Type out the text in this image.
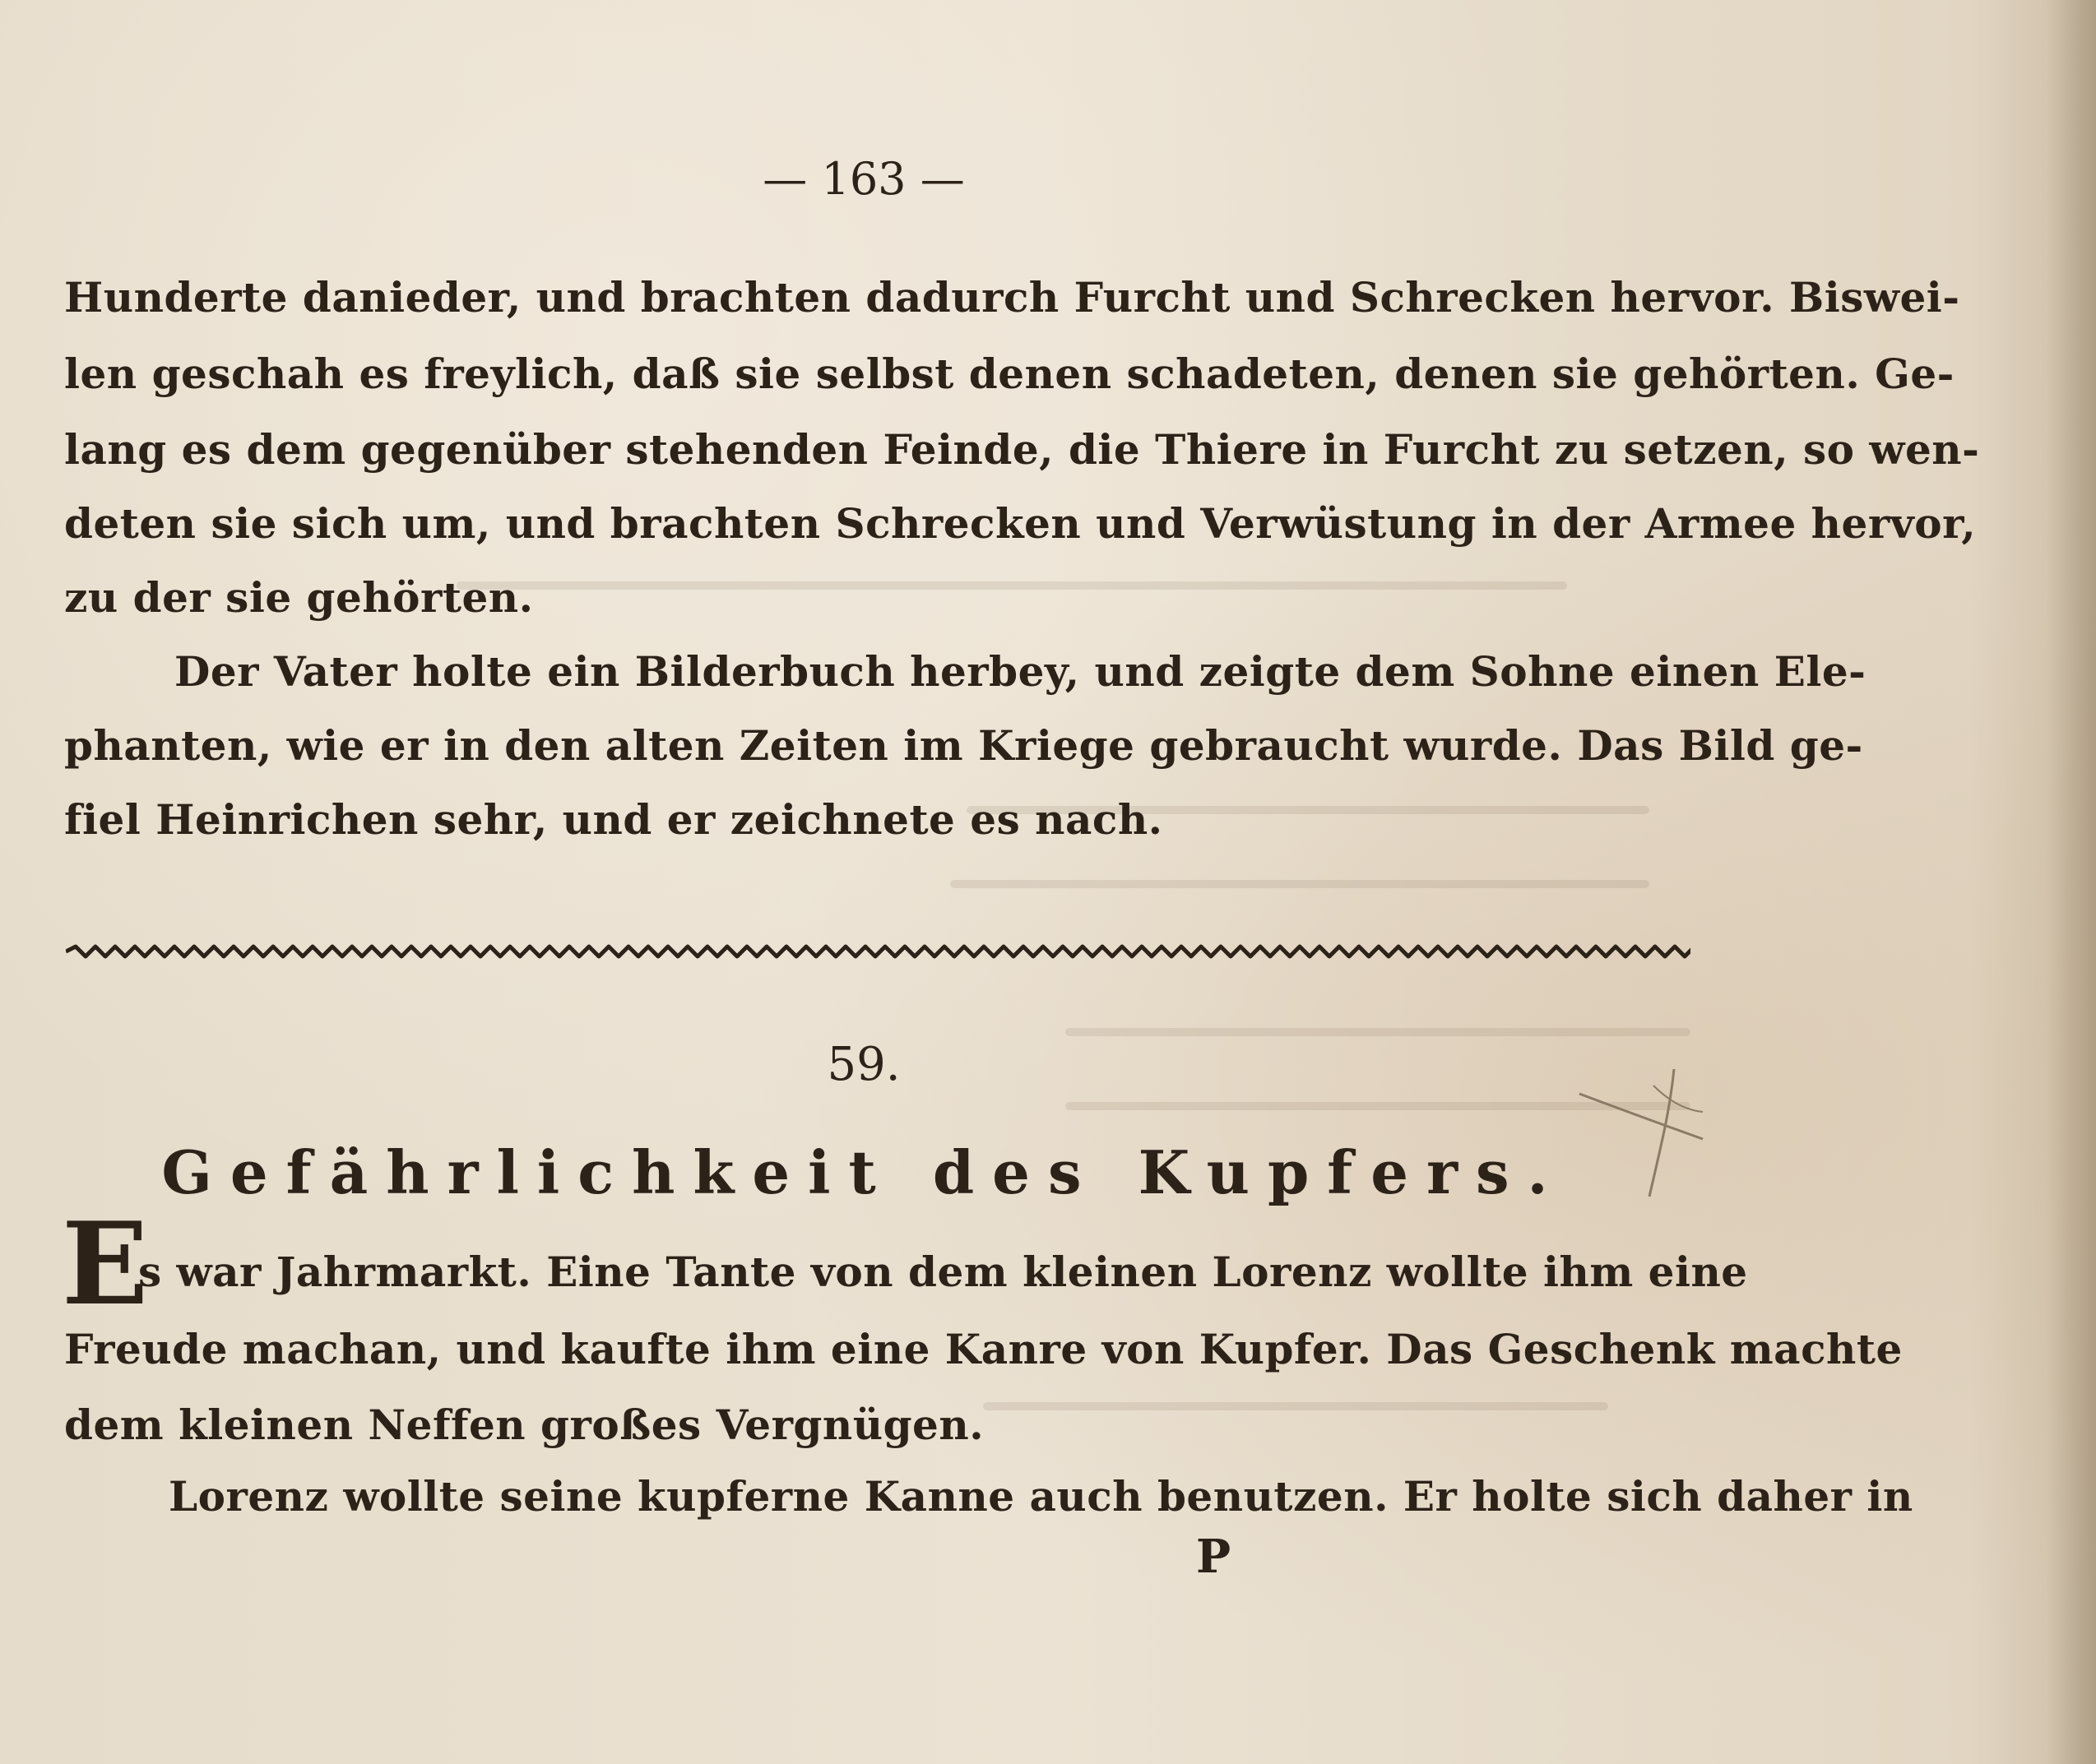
— 163 —
Hunderte danieder, und brachten dadurch Furcht und Schrecken hervor. Biswei-
len geschah es freylich, daß sie selbst denen schadeten, denen sie gehörten. Ge-
lang es dem gegenüber stehenden Feinde, die Thiere in Furcht zu setzen, so wen-
deten sie sich um, und brachten Schrecken und Verwüstung in der Armee hervor,
zu der sie gehörten.
Der Vater holte ein Bilderbuch herbey, und zeigte dem Sohne einen Ele-
phanten, wie er in den alten Zeiten im Kriege gebraucht wurde. Das Bild ge-
fiel Heinrichen sehr, und er zeichnete es nach.
59.
Gefährlichkeit des Kupfers.
E
s war Jahrmarkt. Eine Tante von dem kleinen Lorenz wollte ihm eine
Freude machan, und kaufte ihm eine Kanre von Kupfer. Das Geschenk machte
dem kleinen Neffen großes Vergnügen.
Lorenz wollte seine kupferne Kanne auch benutzen. Er holte sich daher in
P
